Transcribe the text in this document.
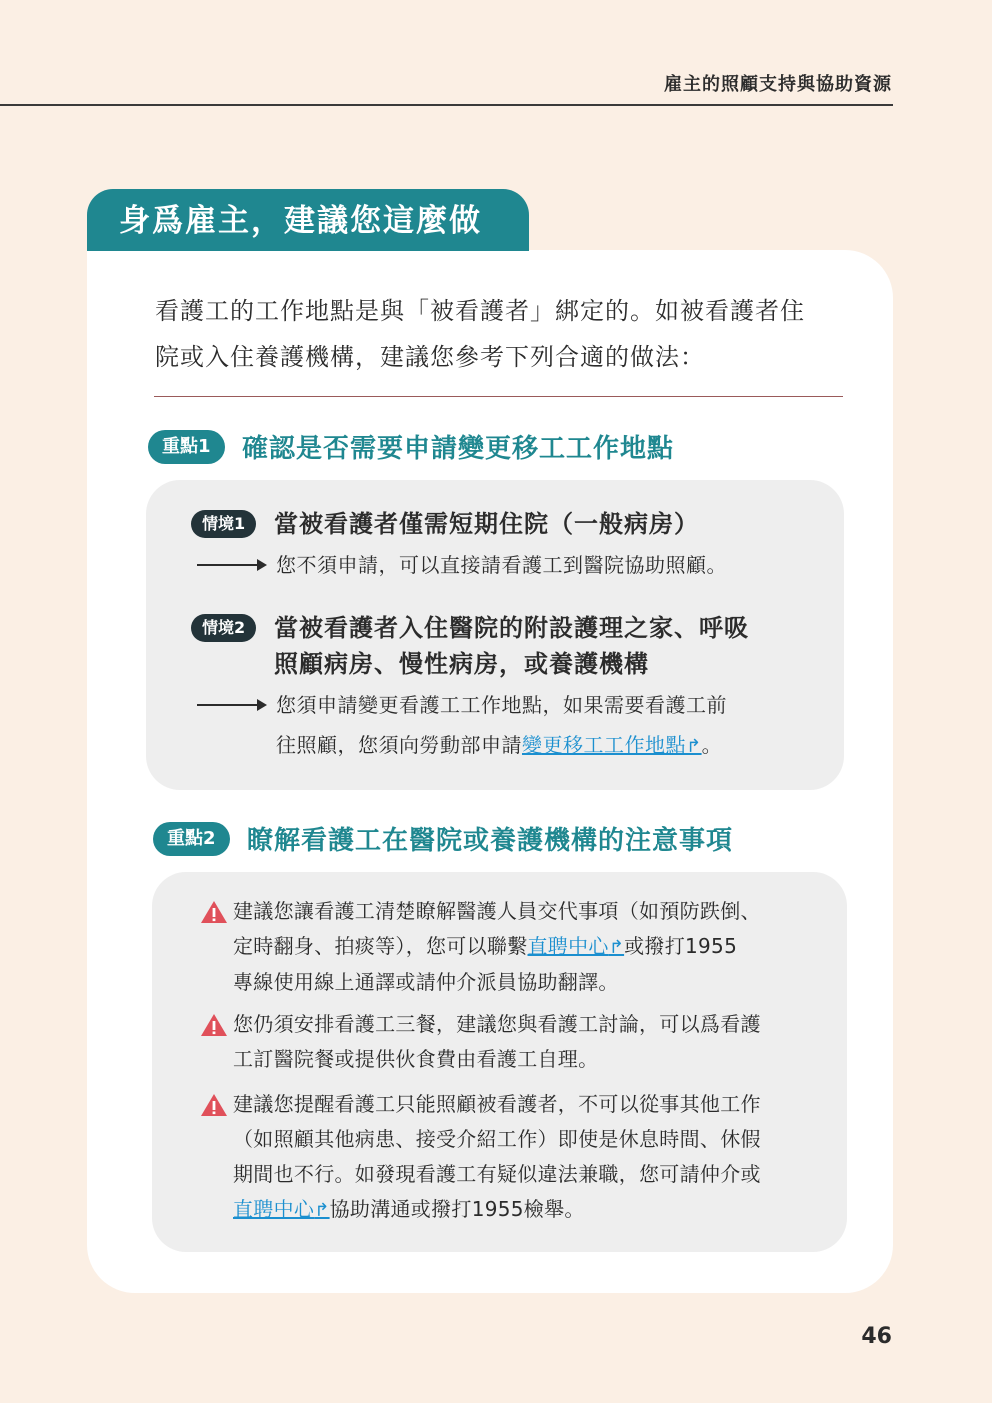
雇主的照顧支持與協助資源
身爲雇主，建議您這麼做
看護工的工作地點是與「被看護者」綁定的。如被看護者住
院或入住養護機構，建議您參考下列合適的做法：
重點1	確認是否需要申請變更移工工作地點
情境1	當被看護者僅需短期住院（一般病房）
您不須申請，可以直接請看護工到醫院協助照顧。
情境2	當被看護者入住醫院的附設護理之家、呼吸
照顧病房、慢性病房，或養護機構
您須申請變更看護工工作地點，如果需要看護工前
往照顧，您須向勞動部申請變更移工工作地點↱。
重點2	瞭解看護工在醫院或養護機構的注意事項
建議您讓看護工清楚瞭解醫護人員交代事項（如預防跌倒、
定時翻身、拍痰等），您可以聯繫直聘中心↱或撥打1955
專線使用線上通譯或請仲介派員協助翻譯。
您仍須安排看護工三餐，建議您與看護工討論，可以爲看護
工訂醫院餐或提供伙食費由看護工自理。
建議您提醒看護工只能照顧被看護者，不可以從事其他工作
（如照顧其他病患、接受介紹工作）即使是休息時間、休假
期間也不行。如發現看護工有疑似違法兼職，您可請仲介或
直聘中心↱協助溝通或撥打1955檢舉。
46
